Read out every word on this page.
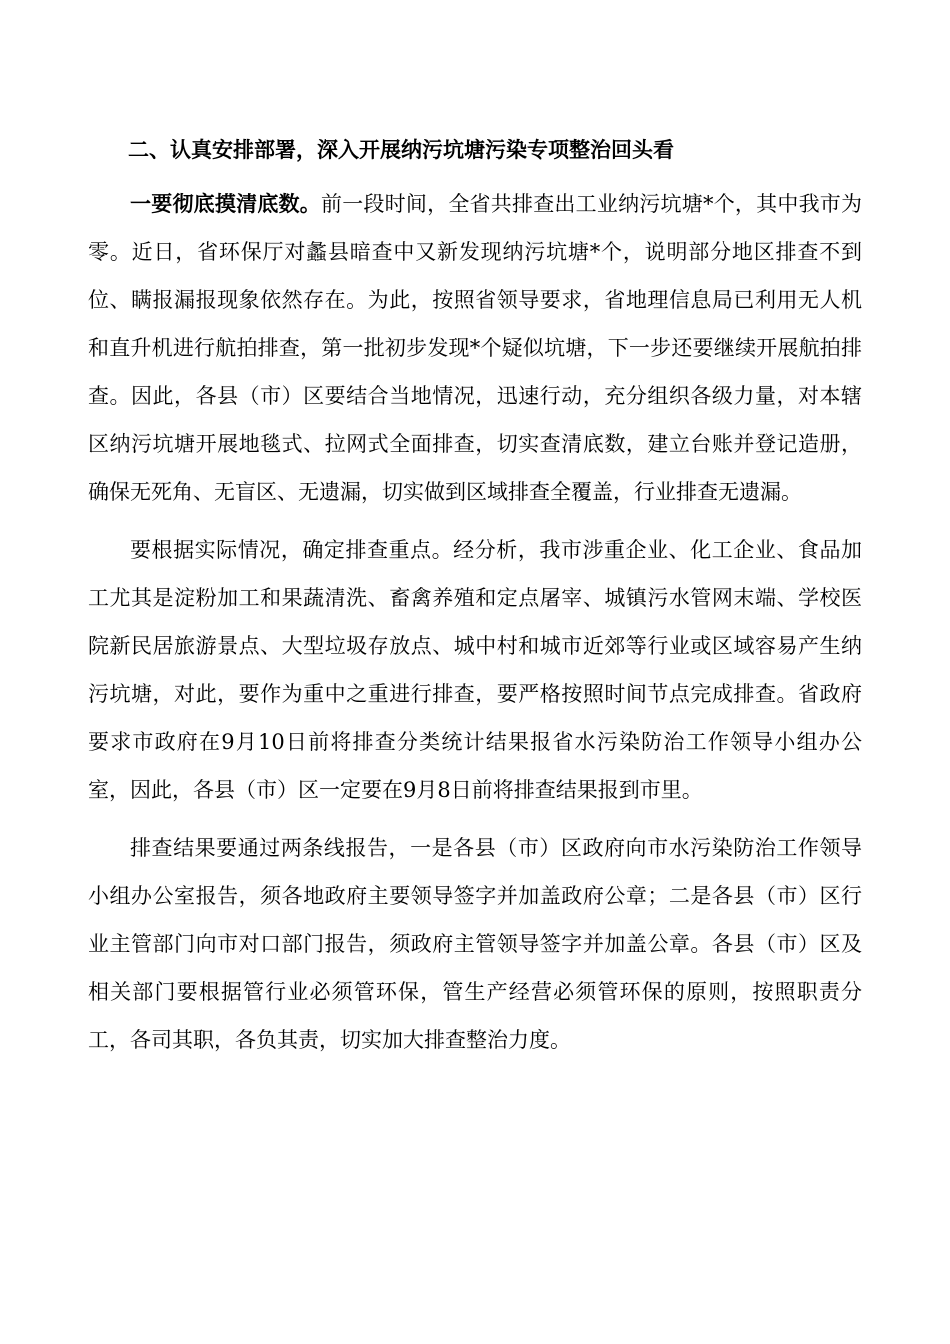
二、认真安排部署，深入开展纳污坑塘污染专项整治回头看

一要彻底摸清底数。前一段时间，全省共排查出工业纳污坑塘*个，其中我市为零。近日，省环保厅对蠡县暗查中又新发现纳污坑塘*个，说明部分地区排查不到位、瞒报漏报现象依然存在。为此，按照省领导要求，省地理信息局已利用无人机和直升机进行航拍排查，第一批初步发现*个疑似坑塘，下一步还要继续开展航拍排查。因此，各县（市）区要结合当地情况，迅速行动，充分组织各级力量，对本辖区纳污坑塘开展地毯式、拉网式全面排查，切实查清底数，建立台账并登记造册，确保无死角、无盲区、无遗漏，切实做到区域排查全覆盖，行业排查无遗漏。

要根据实际情况，确定排查重点。经分析，我市涉重企业、化工企业、食品加工尤其是淀粉加工和果蔬清洗、畜禽养殖和定点屠宰、城镇污水管网末端、学校医院新民居旅游景点、大型垃圾存放点、城中村和城市近郊等行业或区域容易产生纳污坑塘，对此，要作为重中之重进行排查，要严格按照时间节点完成排查。省政府要求市政府在9月10日前将排查分类统计结果报省水污染防治工作领导小组办公室，因此，各县（市）区一定要在9月8日前将排查结果报到市里。

排查结果要通过两条线报告，一是各县（市）区政府向市水污染防治工作领导小组办公室报告，须各地政府主要领导签字并加盖政府公章；二是各县（市）区行业主管部门向市对口部门报告，须政府主管领导签字并加盖公章。各县（市）区及相关部门要根据管行业必须管环保，管生产经营必须管环保的原则，按照职责分工，各司其职，各负其责，切实加大排查整治力度。
